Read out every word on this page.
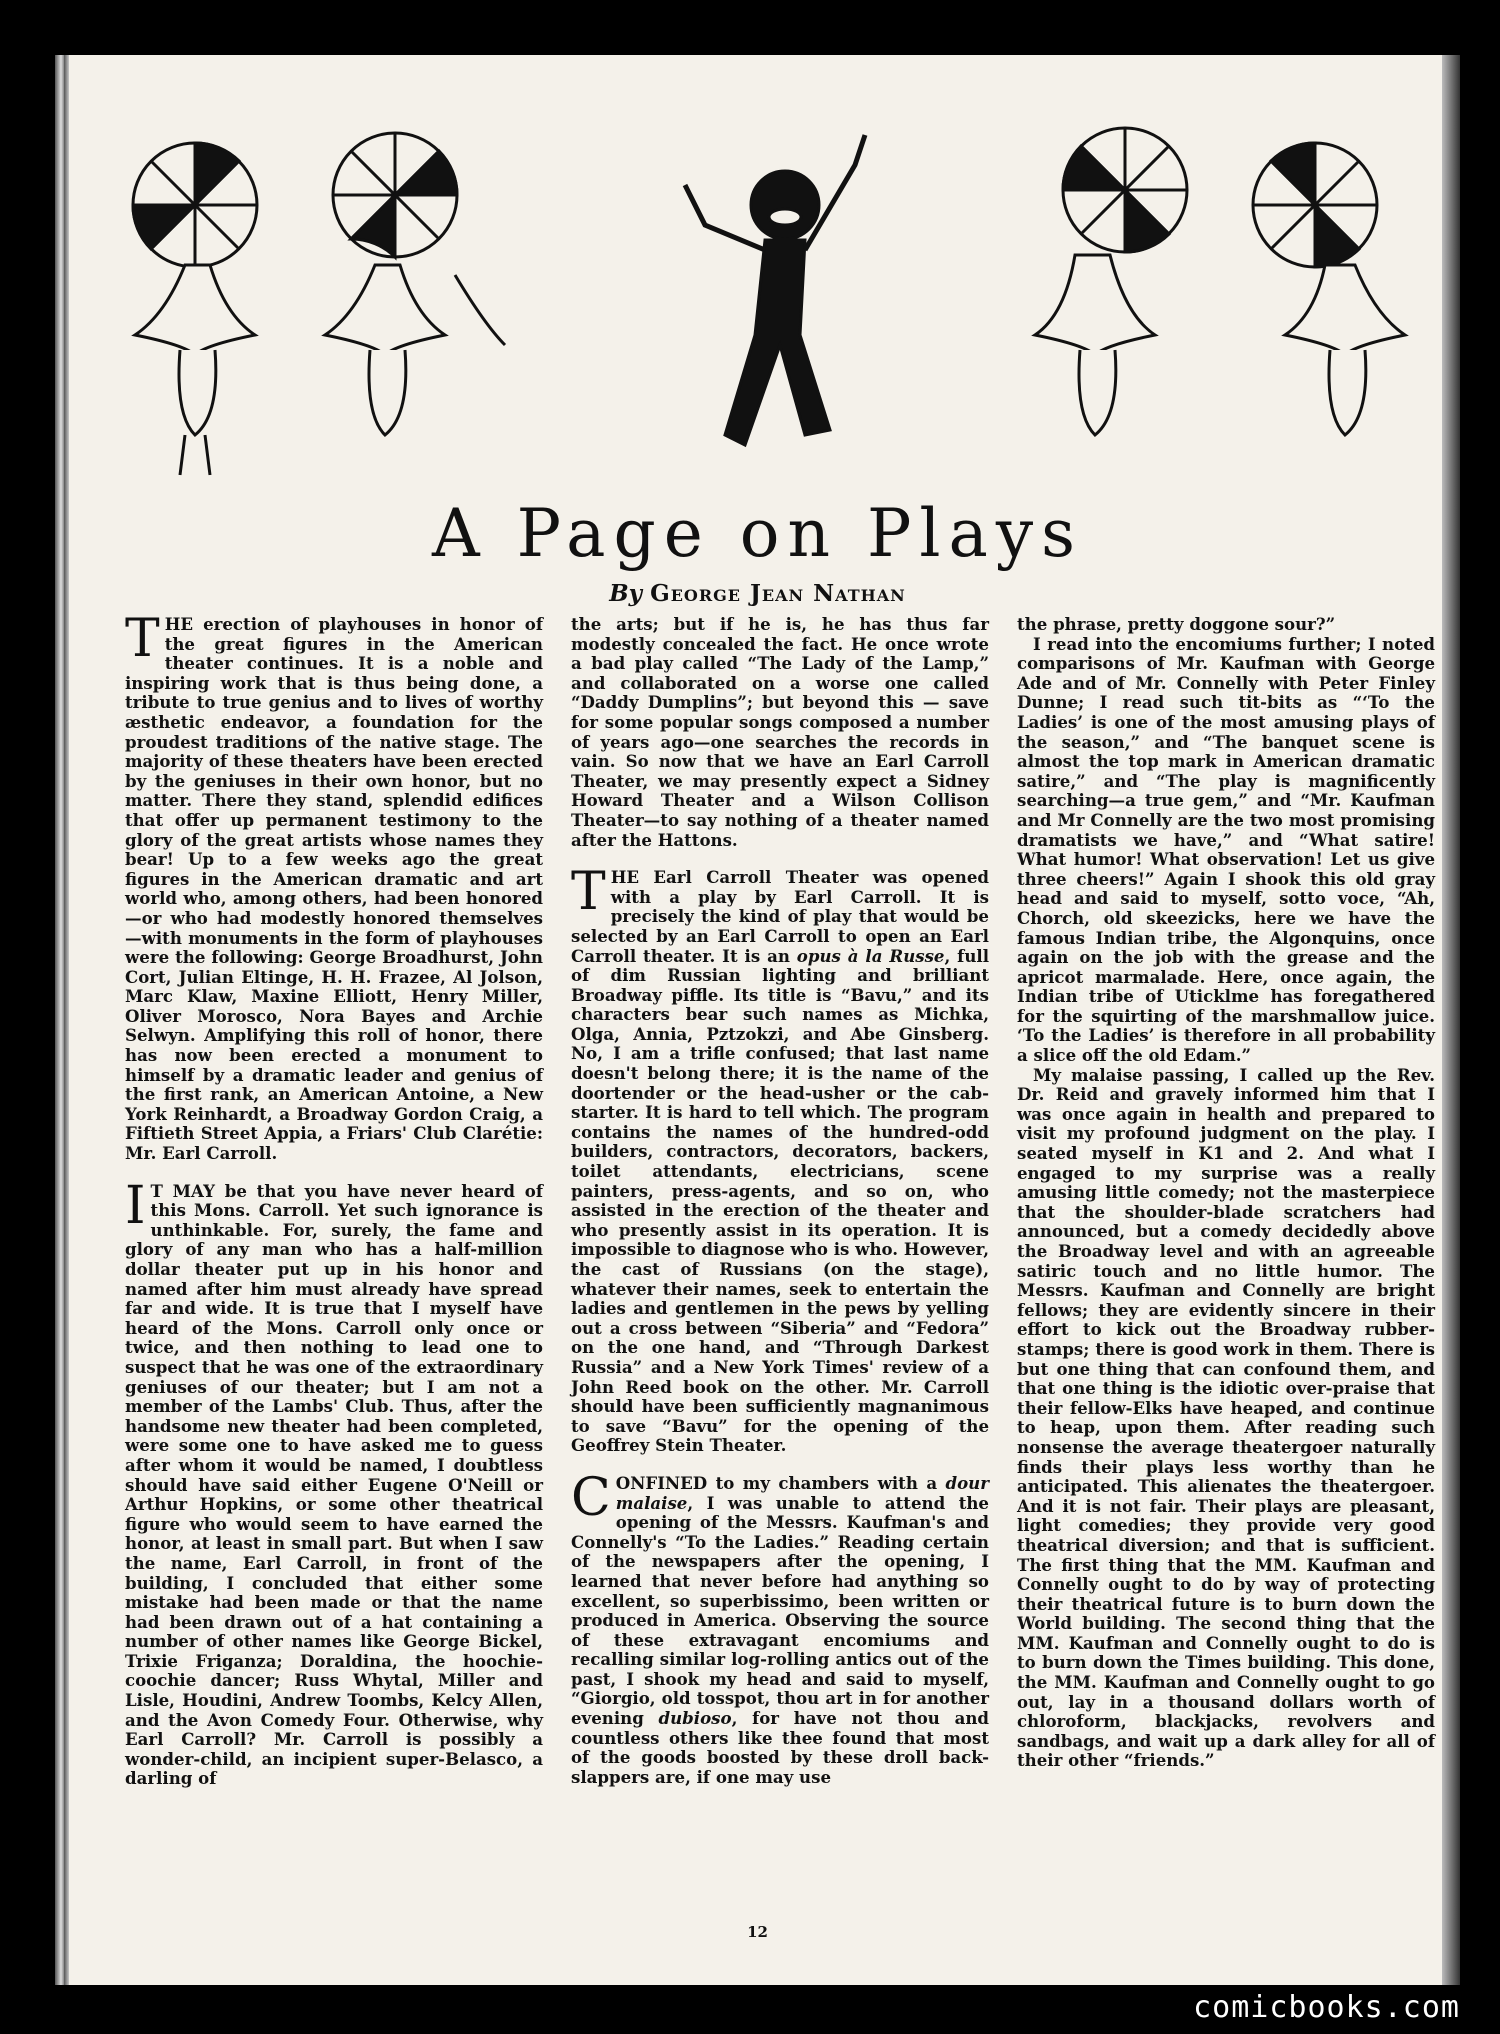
A Page on Plays
By George Jean Nathan

THE erection of playhouses in honor of the great figures in the American theater continues. It is a noble and inspiring work that is thus being done, a tribute to true genius and to lives of worthy æsthetic endeavor, a foundation for the proudest traditions of the native stage. The majority of these theaters have been erected by the geniuses in their own honor, but no matter. There they stand, splendid edifices that offer up permanent testimony to the glory of the great artists whose names they bear! Up to a few weeks ago the great figures in the American dramatic and art world who, among others, had been honored—or who had modestly honored themselves—with monuments in the form of playhouses were the following: George Broadhurst, John Cort, Julian Eltinge, H. H. Frazee, Al Jolson, Marc Klaw, Maxine Elliott, Henry Miller, Oliver Morosco, Nora Bayes and Archie Selwyn. Amplifying this roll of honor, there has now been erected a monument to himself by a dramatic leader and genius of the first rank, an American Antoine, a New York Reinhardt, a Broadway Gordon Craig, a Fiftieth Street Appia, a Friars' Club Clarétie: Mr. Earl Carroll.

I T MAY be that you have never heard of this Mons. Carroll. Yet such ignorance is unthinkable. For, surely, the fame and glory of any man who has a half-million dollar theater put up in his honor and named after him must already have spread far and wide. It is true that I myself have heard of the Mons. Carroll only once or twice, and then nothing to lead one to suspect that he was one of the extraordinary geniuses of our theater; but I am not a member of the Lambs' Club. Thus, after the handsome new theater had been completed, were some one to have asked me to guess after whom it would be named, I doubtless should have said either Eugene O'Neill or Arthur Hopkins, or some other theatrical figure who would seem to have earned the honor, at least in small part. But when I saw the name, Earl Carroll, in front of the building, I concluded that either some mistake had been made or that the name had been drawn out of a hat containing a number of other names like George Bickel, Trixie Friganza; Doraldina, the hoochie-coochie dancer; Russ Whytal, Miller and Lisle, Houdini, Andrew Toombs, Kelcy Allen, and the Avon Comedy Four. Otherwise, why Earl Carroll? Mr. Carroll is possibly a wonder-child, an incipient super-Belasco, a darling of

the arts; but if he is, he has thus far modestly concealed the fact. He once wrote a bad play called “The Lady of the Lamp,” and collaborated on a worse one called “Daddy Dumplins”; but beyond this — save for some popular songs composed a number of years ago—one searches the records in vain. So now that we have an Earl Carroll Theater, we may presently expect a Sidney Howard Theater and a Wilson Collison Theater—to say nothing of a theater named after the Hattons.

THE Earl Carroll Theater was opened with a play by Earl Carroll. It is precisely the kind of play that would be selected by an Earl Carroll to open an Earl Carroll theater. It is an opus à la Russe, full of dim Russian lighting and brilliant Broadway piffle. Its title is “Bavu,” and its characters bear such names as Michka, Olga, Annia, Pztzokzi, and Abe Ginsberg. No, I am a trifle confused; that last name doesn't belong there; it is the name of the doortender or the head-usher or the cab-starter. It is hard to tell which. The program contains the names of the hundred-odd builders, contractors, decorators, backers, toilet attendants, electricians, scene painters, press-agents, and so on, who assisted in the erection of the theater and who presently assist in its operation. It is impossible to diagnose who is who. However, the cast of Russians (on the stage), whatever their names, seek to entertain the ladies and gentlemen in the pews by yelling out a cross between “Siberia” and “Fedora” on the one hand, and “Through Darkest Russia” and a New York Times' review of a John Reed book on the other. Mr. Carroll should have been sufficiently magnanimous to save “Bavu” for the opening of the Geoffrey Stein Theater.

CONFINED to my chambers with a dour malaise, I was unable to attend the opening of the Messrs. Kaufman's and Connelly's “To the Ladies.” Reading certain of the newspapers after the opening, I learned that never before had anything so excellent, so superbissimo, been written or produced in America. Observing the source of these extravagant encomiums and recalling similar log-rolling antics out of the past, I shook my head and said to myself, “Giorgio, old tosspot, thou art in for another evening dubioso, for have not thou and countless others like thee found that most of the goods boosted by these droll back-slappers are, if one may use

the phrase, pretty doggone sour?”

I read into the encomiums further; I noted comparisons of Mr. Kaufman with George Ade and of Mr. Connelly with Peter Finley Dunne; I read such tit-bits as “‘To the Ladies’ is one of the most amusing plays of the season,” and “The banquet scene is almost the top mark in American dramatic satire,” and “The play is magnificently searching—a true gem,” and “Mr. Kaufman and Mr Connelly are the two most promising dramatists we have,” and “What satire! What humor! What observation! Let us give three cheers!” Again I shook this old gray head and said to myself, sotto voce, “Ah, Chorch, old skeezicks, here we have the famous Indian tribe, the Algonquins, once again on the job with the grease and the apricot marmalade. Here, once again, the Indian tribe of Uticklme has foregathered for the squirting of the marshmallow juice. ‘To the Ladies’ is therefore in all probability a slice off the old Edam.”

My malaise passing, I called up the Rev. Dr. Reid and gravely informed him that I was once again in health and prepared to visit my profound judgment on the play. I seated myself in K1 and 2. And what I engaged to my surprise was a really amusing little comedy; not the masterpiece that the shoulder-blade scratchers had announced, but a comedy decidedly above the Broadway level and with an agreeable satiric touch and no little humor. The Messrs. Kaufman and Connelly are bright fellows; they are evidently sincere in their effort to kick out the Broadway rubber-stamps; there is good work in them. There is but one thing that can confound them, and that one thing is the idiotic over-praise that their fellow-Elks have heaped, and continue to heap, upon them. After reading such nonsense the average theatergoer naturally finds their plays less worthy than he anticipated. This alienates the theatergoer. And it is not fair. Their plays are pleasant, light comedies; they provide very good theatrical diversion; and that is sufficient. The first thing that the MM. Kaufman and Connelly ought to do by way of protecting their theatrical future is to burn down the World building. The second thing that the MM. Kaufman and Connelly ought to do is to burn down the Times building. This done, the MM. Kaufman and Connelly ought to go out, lay in a thousand dollars worth of chloroform, blackjacks, revolvers and sandbags, and wait up a dark alley for all of their other “friends.”

12
comicbooks.com
